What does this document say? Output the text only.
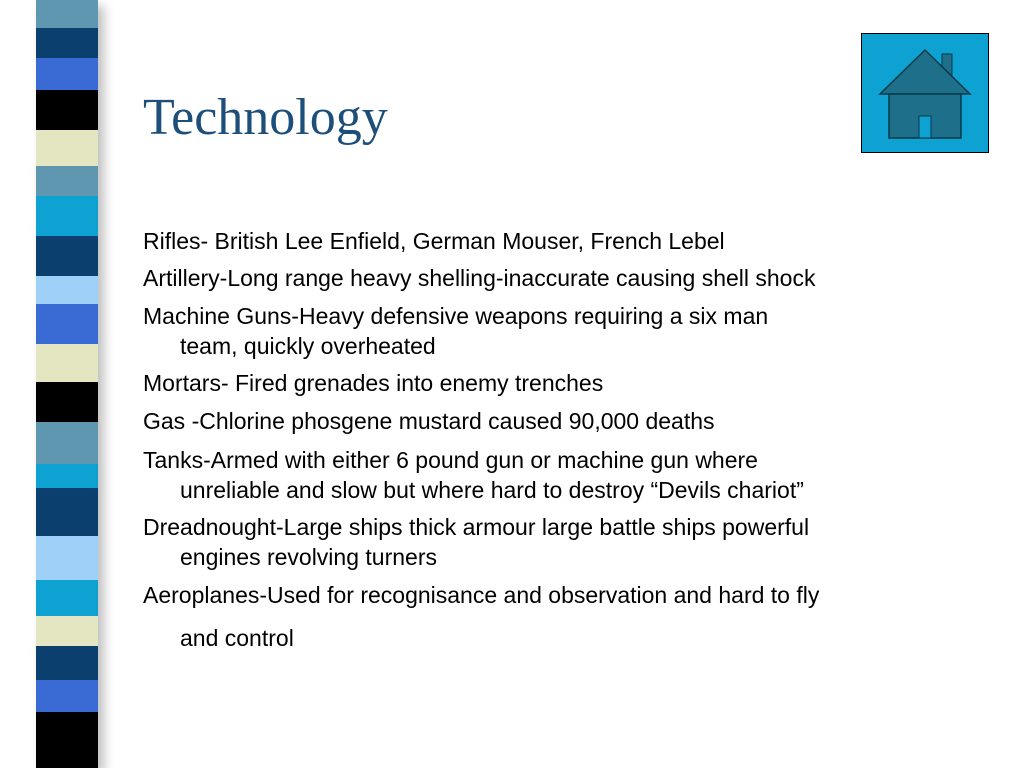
Technology
Rifles- British Lee Enfield, German Mouser, French Lebel
Artillery-Long range heavy shelling-inaccurate causing shell shock
Machine Guns-Heavy defensive weapons requiring a six man
team, quickly overheated
Mortars- Fired grenades into enemy trenches
Gas -Chlorine phosgene mustard caused 90,000 deaths
Tanks-Armed with either 6 pound gun or machine gun where
unreliable and slow but where hard to destroy “Devils chariot”
Dreadnought-Large ships thick armour large battle ships powerful
engines revolving turners
Aeroplanes-Used for recognisance and observation and hard to fly
and control
